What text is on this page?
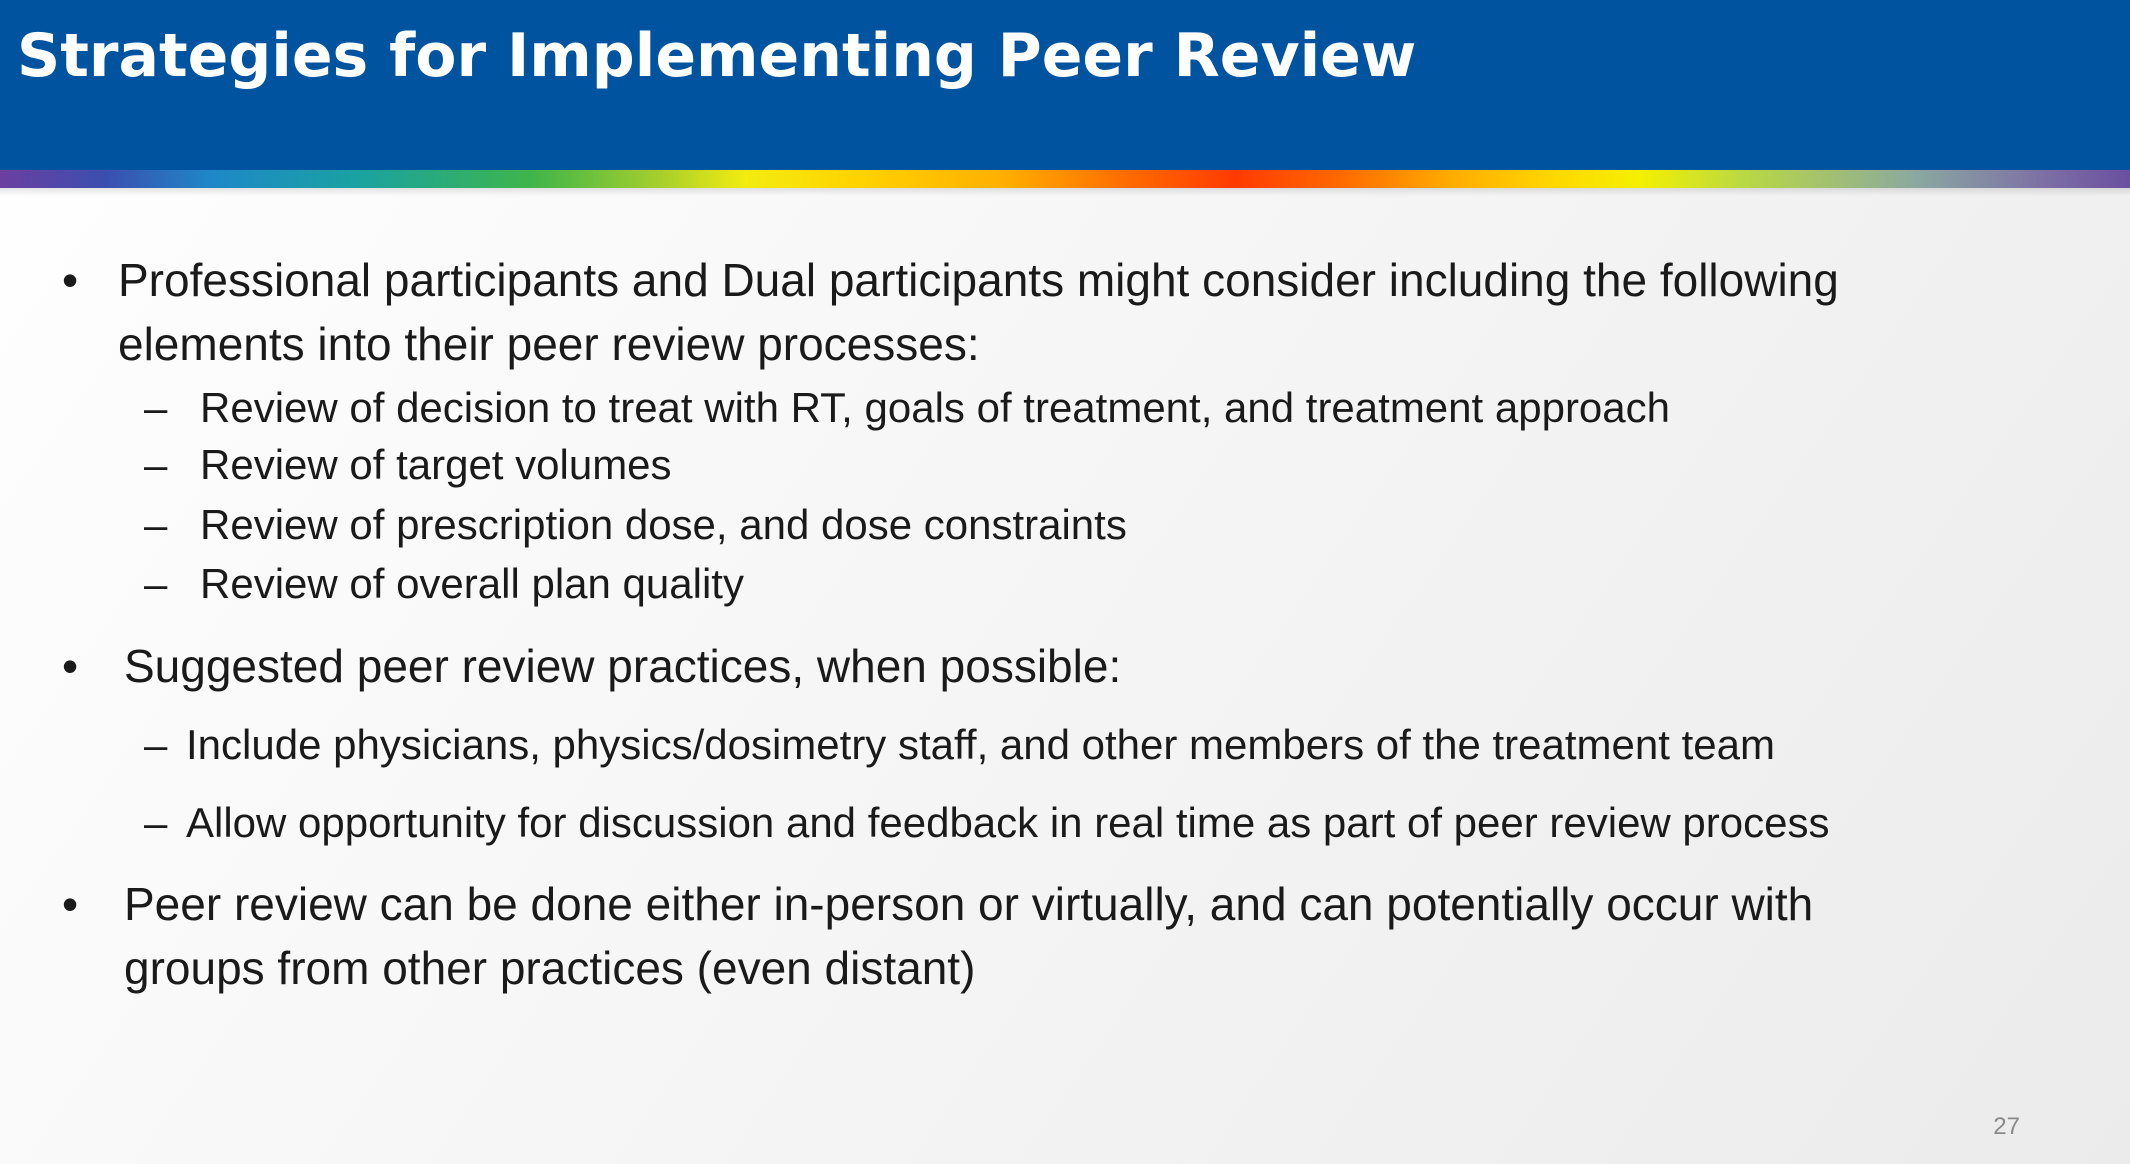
Strategies for Implementing Peer Review
• Professional participants and Dual participants might consider including the following

elements into their peer review processes:

– Review of decision to treat with RT, goals of treatment, and treatment approach

– Review of target volumes

– Review of prescription dose, and dose constraints

– Review of overall plan quality

• Suggested peer review practices, when possible:

– Include physicians, physics/dosimetry staff, and other members of the treatment team

– Allow opportunity for discussion and feedback in real time as part of peer review process

• Peer review can be done either in-person or virtually, and can potentially occur with

groups from other practices (even distant)

27
